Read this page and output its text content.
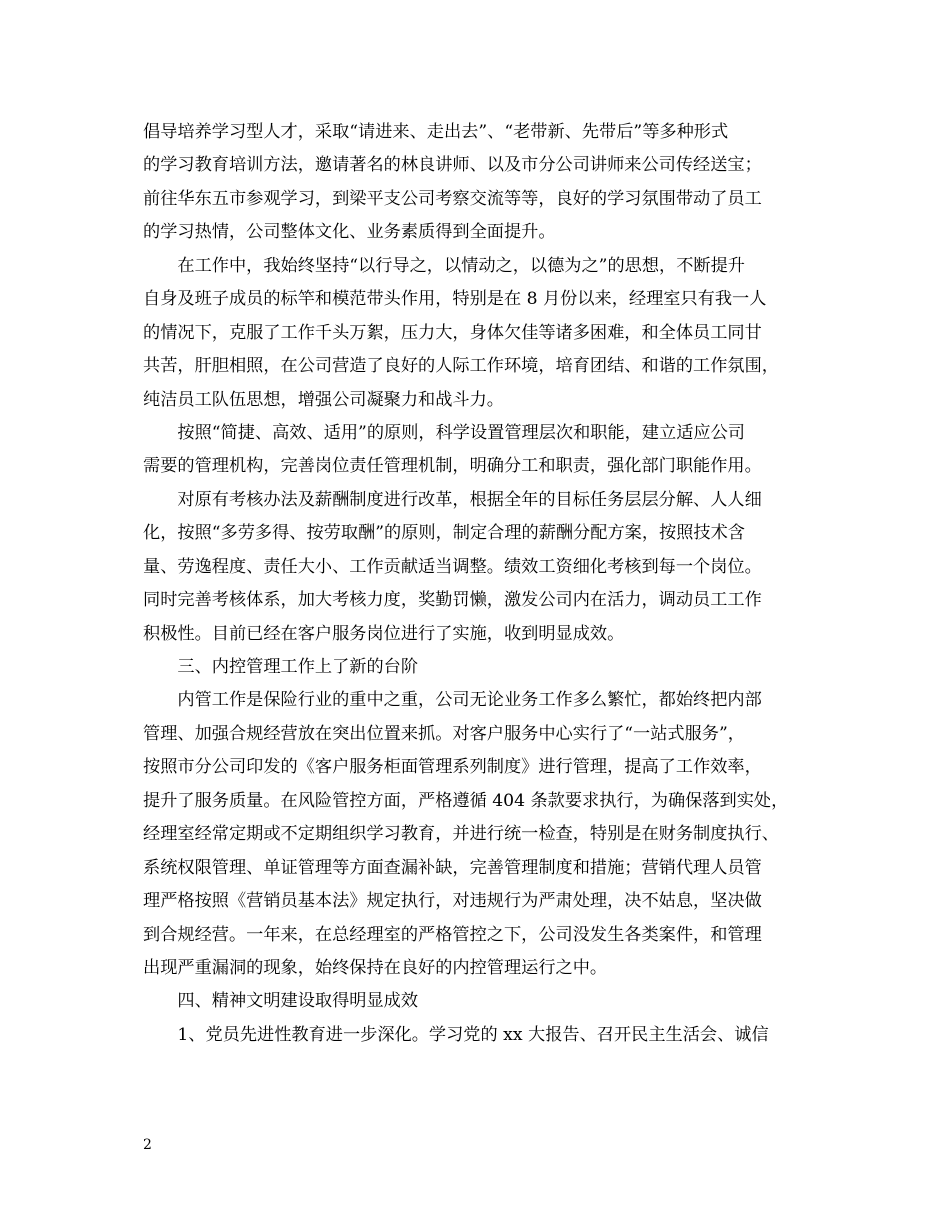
倡导培养学习型人才，采取“请进来、走出去”、“老带新、先带后”等多种形式
的学习教育培训方法，邀请著名的林良讲师、以及市分公司讲师来公司传经送宝；
前往华东五市参观学习，到梁平支公司考察交流等等，良好的学习氛围带动了员工
的学习热情，公司整体文化、业务素质得到全面提升。
　　在工作中，我始终坚持“以行导之，以情动之，以德为之”的思想，不断提升
自身及班子成员的标竿和模范带头作用，特别是在 8 月份以来，经理室只有我一人
的情况下，克服了工作千头万絮，压力大，身体欠佳等诸多困难，和全体员工同甘
共苦，肝胆相照，在公司营造了良好的人际工作环境，培育团结、和谐的工作氛围，
纯洁员工队伍思想，增强公司凝聚力和战斗力。
　　按照“简捷、高效、适用”的原则，科学设置管理层次和职能，建立适应公司
需要的管理机构，完善岗位责任管理机制，明确分工和职责，强化部门职能作用。
　　对原有考核办法及薪酬制度进行改革，根据全年的目标任务层层分解、人人细
化，按照“多劳多得、按劳取酬”的原则，制定合理的薪酬分配方案，按照技术含
量、劳逸程度、责任大小、工作贡献适当调整。绩效工资细化考核到每一个岗位。
同时完善考核体系，加大考核力度，奖勤罚懒，激发公司内在活力，调动员工工作
积极性。目前已经在客户服务岗位进行了实施，收到明显成效。
　　三、内控管理工作上了新的台阶
　　内管工作是保险行业的重中之重，公司无论业务工作多么繁忙，都始终把内部
管理、加强合规经营放在突出位置来抓。对客户服务中心实行了“一站式服务”，
按照市分公司印发的《客户服务柜面管理系列制度》进行管理，提高了工作效率，
提升了服务质量。在风险管控方面，严格遵循 404 条款要求执行，为确保落到实处，
经理室经常定期或不定期组织学习教育，并进行统一检查，特别是在财务制度执行、
系统权限管理、单证管理等方面查漏补缺，完善管理制度和措施；营销代理人员管
理严格按照《营销员基本法》规定执行，对违规行为严肃处理，决不姑息，坚决做
到合规经营。一年来，在总经理室的严格管控之下，公司没发生各类案件，和管理
出现严重漏洞的现象，始终保持在良好的内控管理运行之中。
　　四、精神文明建设取得明显成效
　　1、党员先进性教育进一步深化。学习党的 xx 大报告、召开民主生活会、诚信
2
